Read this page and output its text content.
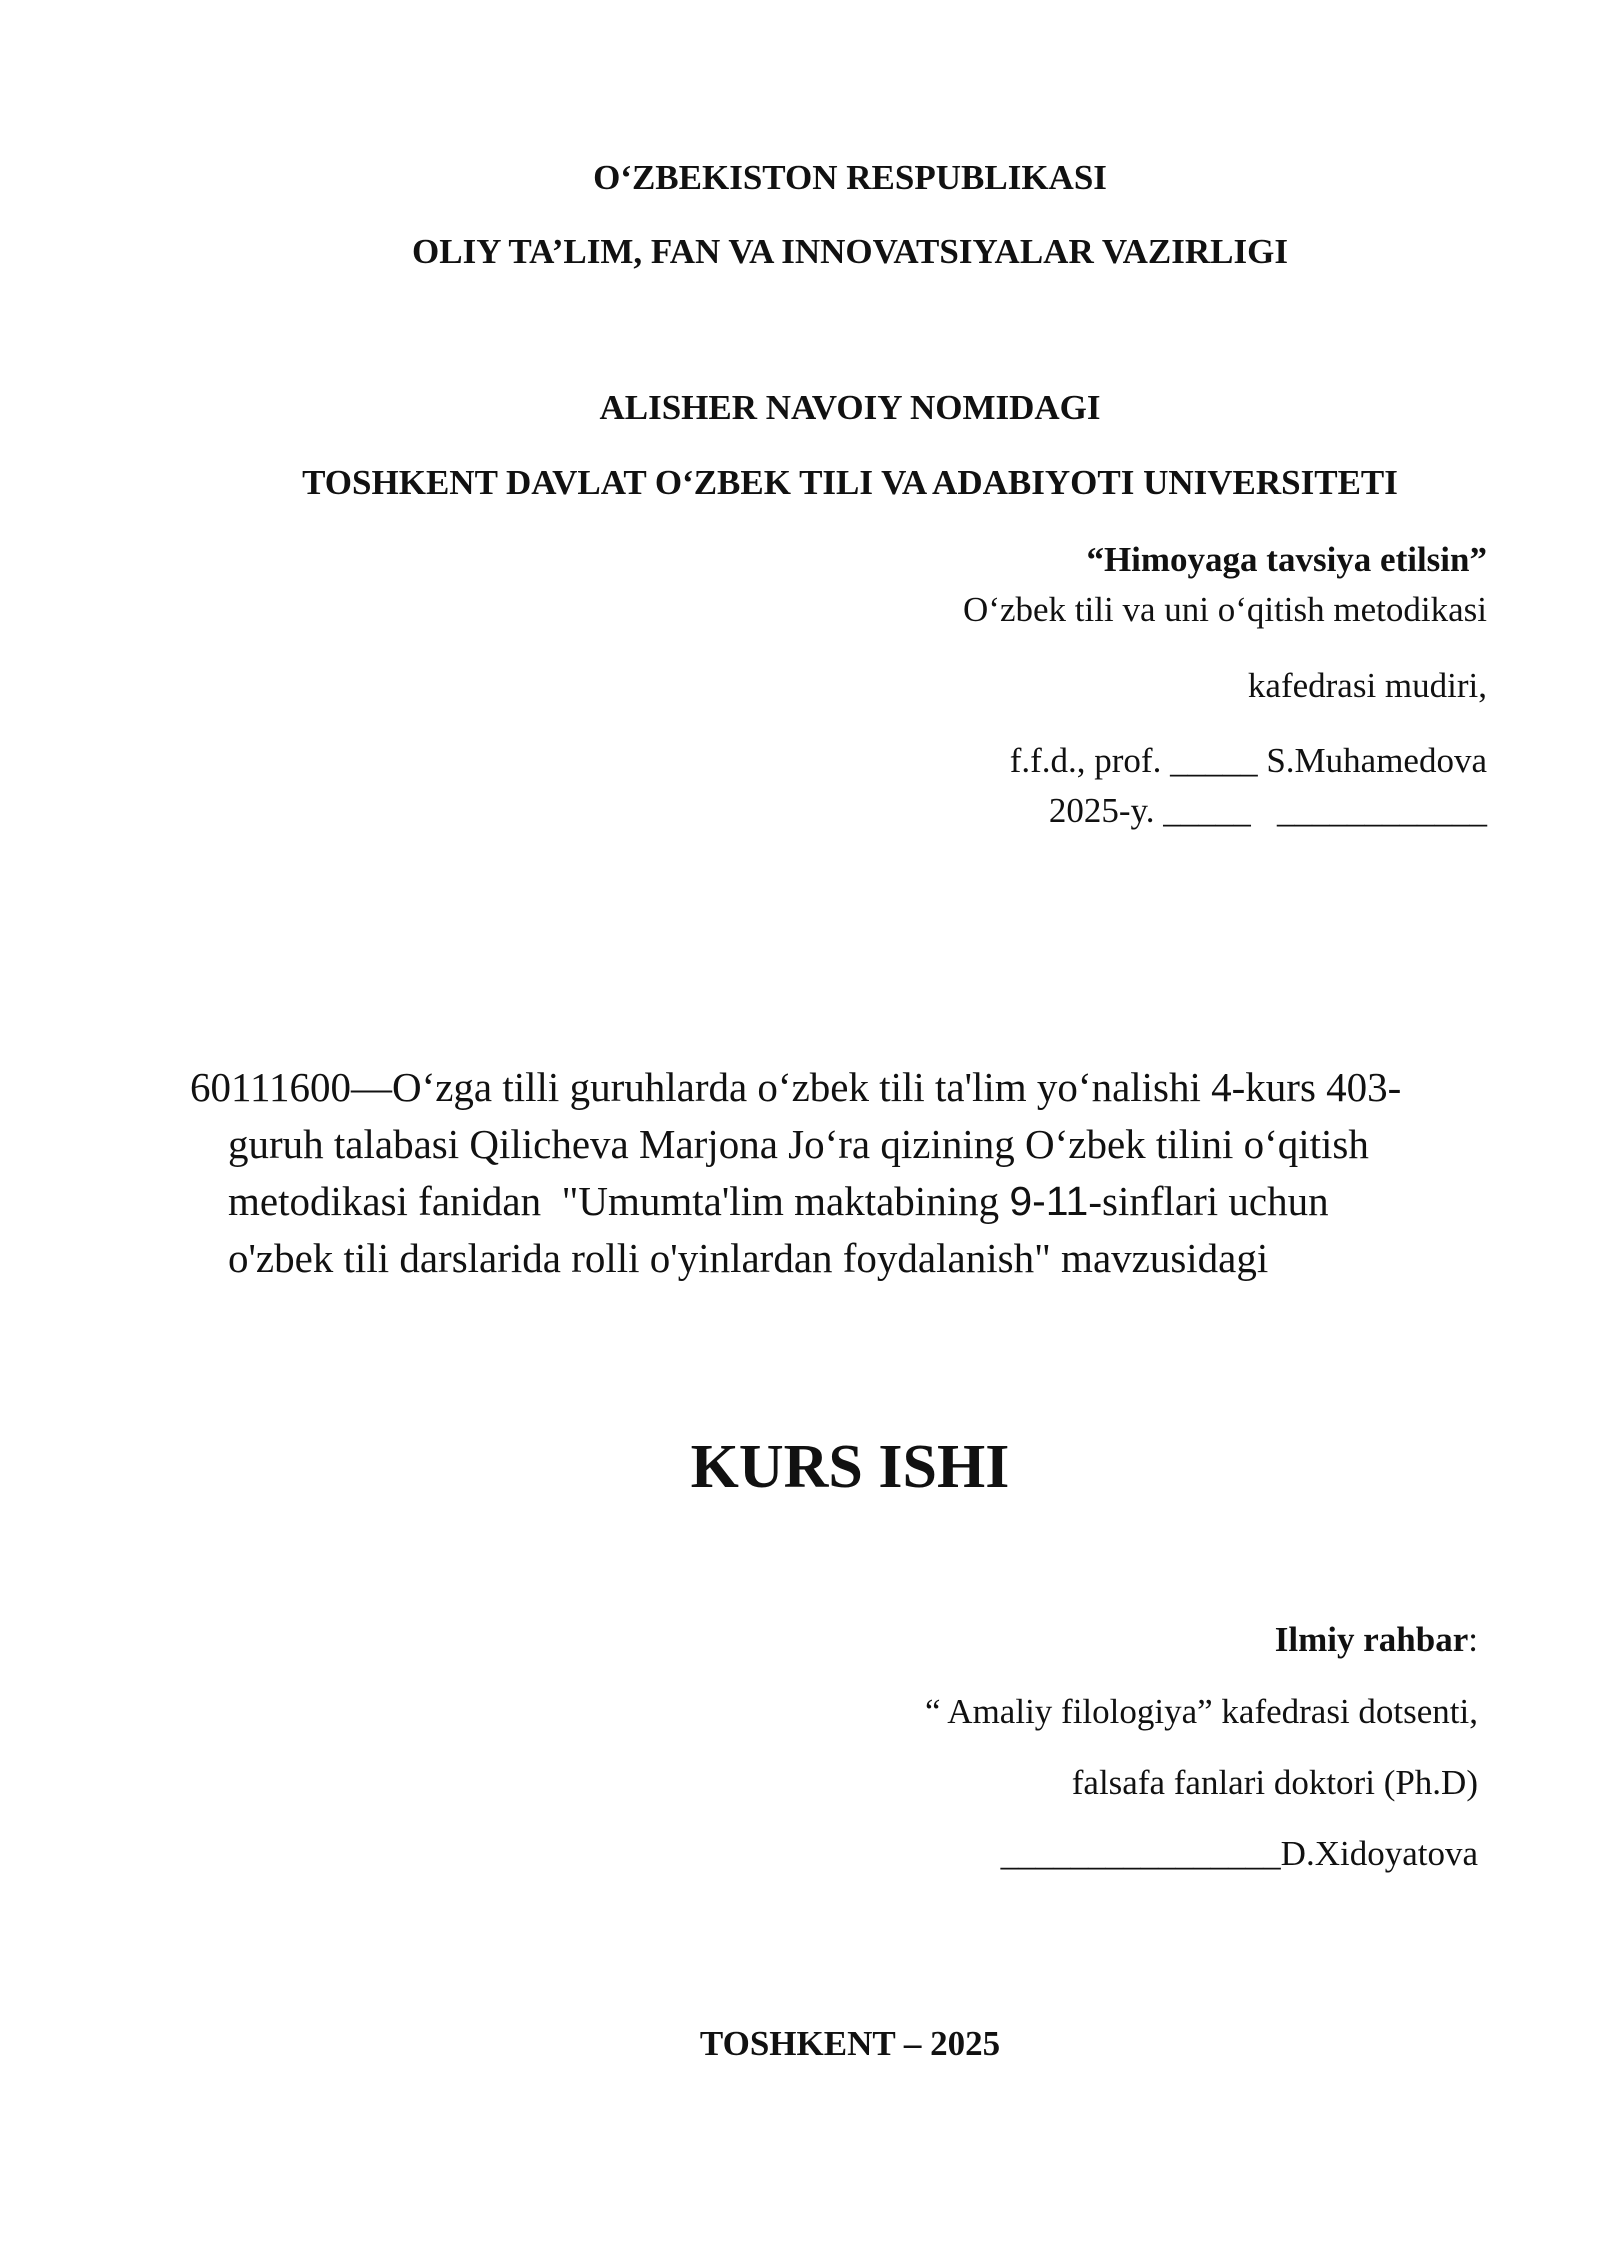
O‘ZBEKISTON RESPUBLIKASI
OLIY TA’LIM, FAN VA INNOVATSIYALAR VAZIRLIGI
ALISHER NAVOIY NOMIDAGI
TOSHKENT DAVLAT O‘ZBEK TILI VA ADABIYOTI UNIVERSITETI
“Himoyaga tavsiya etilsin”
O‘zbek tili va uni o‘qitish metodikasi
kafedrasi mudiri,
f.f.d., prof. _____ S.Muhamedova
2025-y. _____   ____________
60111600—O‘zga tilli guruhlarda o‘zbek tili ta'lim yo‘nalishi 4-kurs 403-
guruh talabasi Qilicheva Marjona Jo‘ra qizining O‘zbek tilini o‘qitish
metodikasi fanidan  "Umumta'lim maktabining 9-11-sinflari uchun
o'zbek tili darslarida rolli o'yinlardan foydalanish" mavzusidagi
KURS ISHI
Ilmiy rahbar:
“ Amaliy filologiya” kafedrasi dotsenti,
falsafa fanlari doktori (Ph.D)
________________D.Xidoyatova
TOSHKENT – 2025
